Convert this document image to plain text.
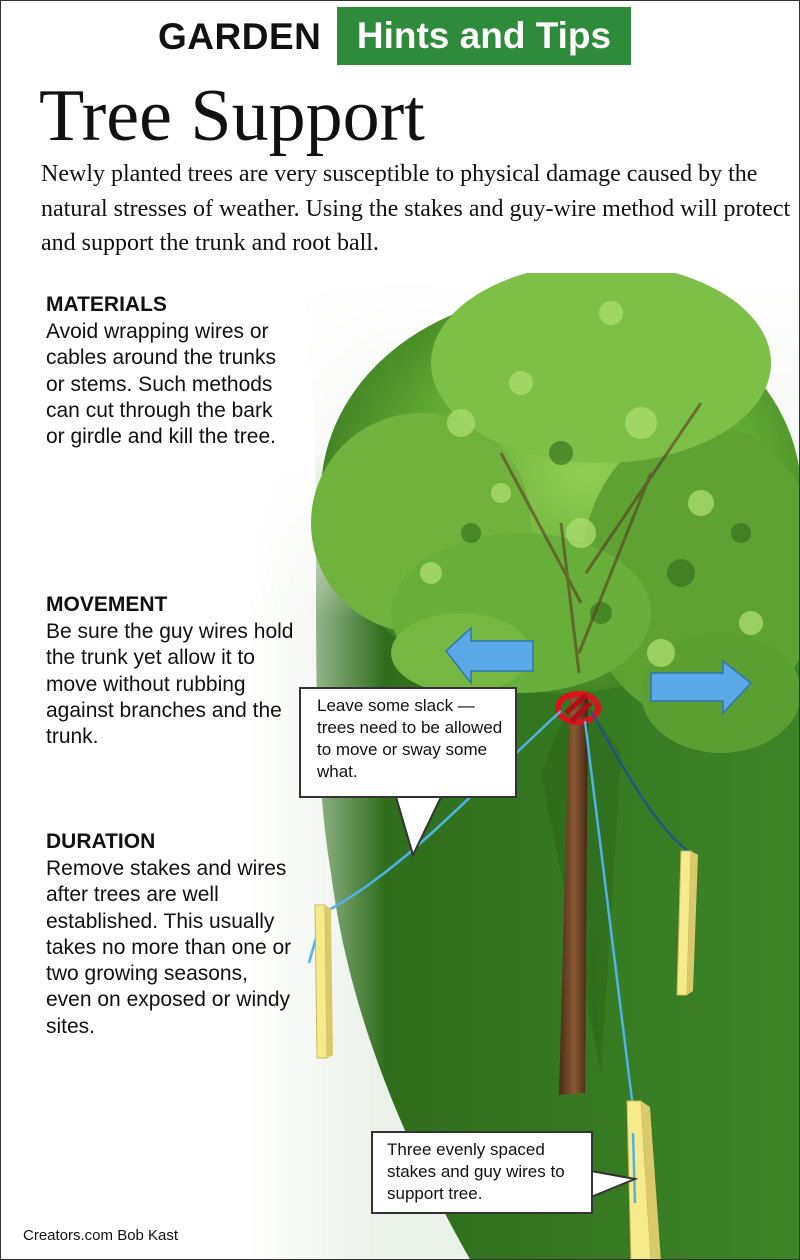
GARDEN Hints and Tips
Tree Support
Newly planted trees are very susceptible to physical damage caused by the natural stresses of weather. Using the stakes and guy-wire method will protect and support the trunk and root ball.
MATERIALS
Avoid wrapping wires or cables around the trunks or stems. Such methods can cut through the bark or girdle and kill the tree.
MOVEMENT
Be sure the guy wires hold the trunk yet allow it to move without rubbing against branches and the trunk.
DURATION
Remove stakes and wires after trees are well established. This usually takes no more than one or two growing seasons, even on exposed or windy sites.
Leave some slack — trees need to be allowed to move or sway some what.
Three evenly spaced stakes and guy wires to support tree.
Creators.com Bob Kast
